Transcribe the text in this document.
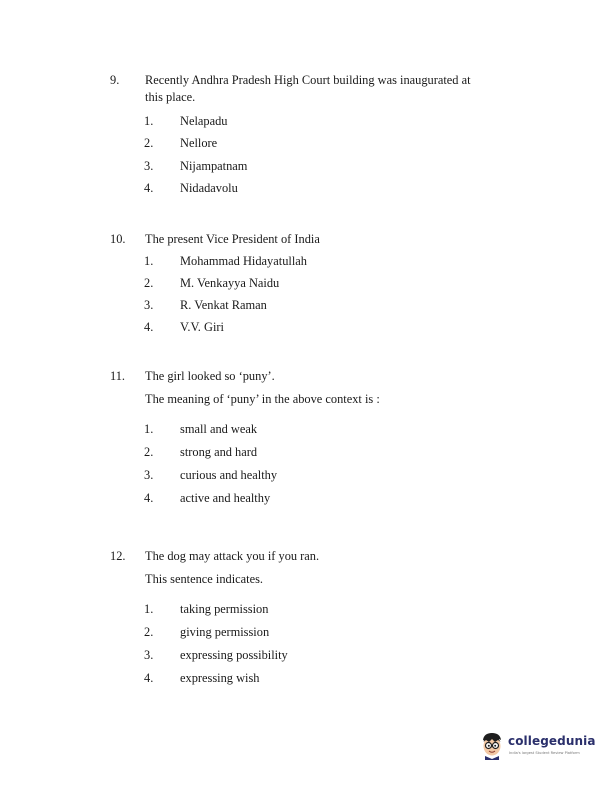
9. Recently Andhra Pradesh High Court building was inaugurated at
this place.
1. Nelapadu
2. Nellore
3. Nijampatnam
4. Nidadavolu
10. The present Vice President of India
1. Mohammad Hidayatullah
2. M. Venkayya Naidu
3. R. Venkat Raman
4. V.V. Giri
11. The girl looked so ‘puny’.
The meaning of ‘puny’ in the above context is :
1. small and weak
2. strong and hard
3. curious and healthy
4. active and healthy
12. The dog may attack you if you ran.
This sentence indicates.
1. taking permission
2. giving permission
3. expressing possibility
4. expressing wish
collegedunia
India's largest Student Review Platform
